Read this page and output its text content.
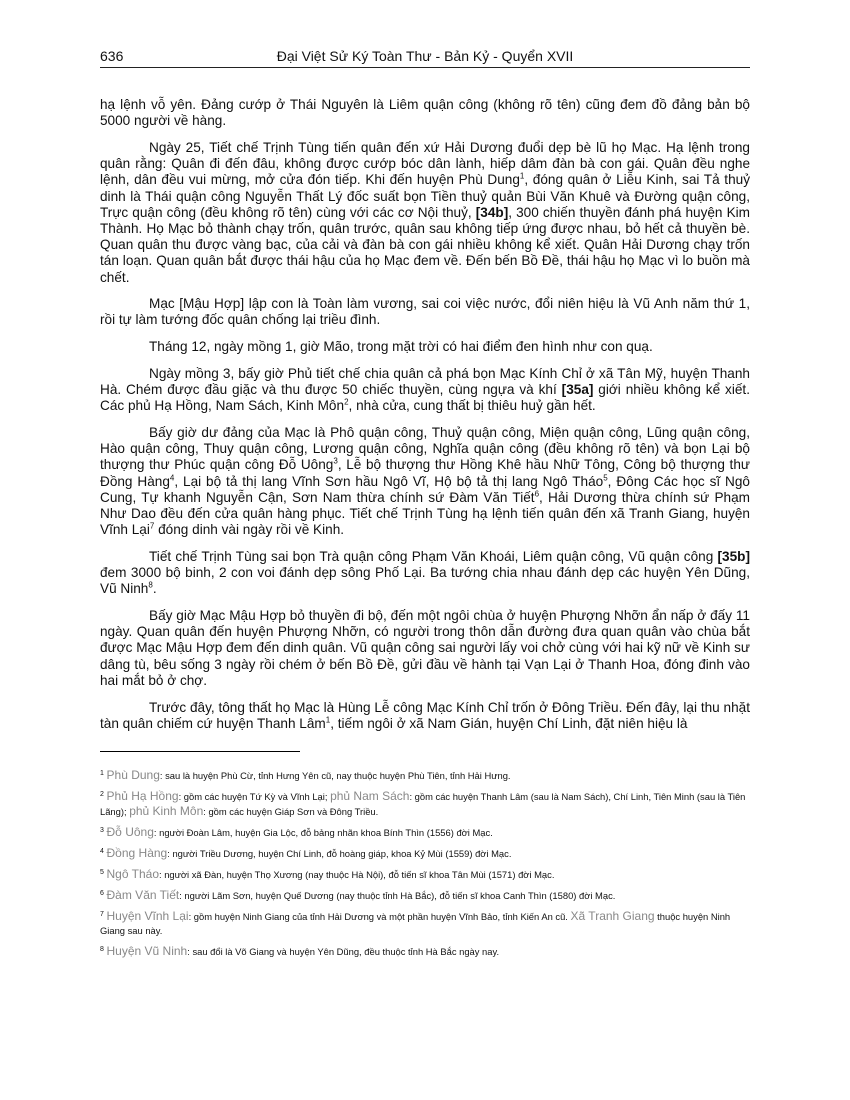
636	Đại Việt Sử Ký Toàn Thư - Bản Kỷ - Quyển XVII

hạ lệnh vỗ yên. Đảng cướp ở Thái Nguyên là Liêm quận công (không rõ tên) cũng đem đồ đảng bản bộ 5000 người về hàng.

Ngày 25, Tiết chế Trịnh Tùng tiến quân đến xứ Hải Dương đuổi dẹp bè lũ họ Mạc. Hạ lệnh trong quân rằng: Quân đi đến đâu, không được cướp bóc dân lành, hiếp dâm đàn bà con gái. Quân đều nghe lệnh, dân đều vui mừng, mở cửa đón tiếp. Khi đến huyện Phù Dung$^1$, đóng quân ở Liễu Kinh, sai Tả thuỷ dinh là Thái quận công Nguyễn Thất Lý đốc suất bọn Tiền thuỷ quản Bùi Văn Khuê và Đường quận công, Trực quận công (đều không rõ tên) cùng với các cơ Nội thuỷ, [34b], 300 chiến thuyền đánh phá huyện Kim Thành. Họ Mạc bỏ thành chạy trốn, quân trước, quân sau không tiếp ứng được nhau, bỏ hết cả thuyền bè. Quan quân thu được vàng bạc, của cải và đàn bà con gái nhiều không kể xiết. Quân Hải Dương chạy trốn tán loạn. Quan quân bắt được thái hậu của họ Mạc đem về. Đến bến Bồ Đề, thái hậu họ Mạc vì lo buồn mà chết.

Mạc [Mậu Hợp] lập con là Toàn làm vương, sai coi việc nước, đổi niên hiệu là Vũ Anh năm thứ 1, rồi tự làm tướng đốc quân chống lại triều đình.

Tháng 12, ngày mồng 1, giờ Mão, trong mặt trời có hai điểm đen hình như con quạ.

Ngày mồng 3, bấy giờ Phủ tiết chế chia quân cả phá bọn Mạc Kính Chỉ ở xã Tân Mỹ, huyện Thanh Hà. Chém được đầu giặc và thu được 50 chiếc thuyền, cùng ngựa và khí [35a] giới nhiều không kể xiết. Các phủ Hạ Hồng, Nam Sách, Kinh Môn$^2$, nhà cửa, cung thất bị thiêu huỷ gần hết.

Bấy giờ dư đảng của Mạc là Phô quận công, Thuỷ quận công, Miện quận công, Lũng quận công, Hào quận công, Thuy quận công, Lương quận công, Nghĩa quận công (đều không rõ tên) và bọn Lại bộ thượng thư Phúc quận công Đỗ Uông$^3$, Lễ bộ thượng thư Hồng Khê hầu Nhữ Tông, Công bộ thượng thư Đồng Hàng$^4$, Lại bộ tả thị lang Vĩnh Sơn hầu Ngô Vĩ, Hộ bộ tả thị lang Ngô Tháo$^5$, Đông Các học sĩ Ngô Cung, Tự khanh Nguyễn Cận, Sơn Nam thừa chính sứ Đàm Văn Tiết$^6$, Hải Dương thừa chính sứ Phạm Như Dao đều đến cửa quân hàng phục. Tiết chế Trịnh Tùng hạ lệnh tiến quân đến xã Tranh Giang, huyện Vĩnh Lại$^7$ đóng dinh vài ngày rồi về Kinh.

Tiết chế Trịnh Tùng sai bọn Trà quận công Phạm Văn Khoái, Liêm quận công, Vũ quận công [35b] đem 3000 bộ binh, 2 con voi đánh dẹp sông Phố Lại. Ba tướng chia nhau đánh dẹp các huyện Yên Dũng, Vũ Ninh$^8$.

Bấy giờ Mạc Mậu Hợp bỏ thuyền đi bộ, đến một ngôi chùa ở huyện Phượng Nhỡn ẩn nấp ở đấy 11 ngày. Quan quân đến huyện Phượng Nhỡn, có người trong thôn dẫn đường đưa quan quân vào chùa bắt được Mạc Mậu Hợp đem đến dinh quân. Vũ quận công sai người lấy voi chở cùng với hai kỹ nữ về Kinh sư dâng tù, bêu sống 3 ngày rồi chém ở bến Bồ Đề, gửi đầu về hành tại Vạn Lại ở Thanh Hoa, đóng đinh vào hai mắt bỏ ở chợ.

Trước đây, tông thất họ Mạc là Hùng Lễ công Mạc Kính Chỉ trốn ở Đông Triều. Đến đây, lại thu nhặt tàn quân chiếm cứ huyện Thanh Lâm$^1$, tiếm ngôi ở xã Nam Gián, huyện Chí Linh, đặt niên hiệu là

$^1$ Phù Dung: sau là huyện Phù Cừ, tỉnh Hưng Yên cũ, nay thuộc huyện Phù Tiên, tỉnh Hải Hưng.
$^2$ Phủ Hạ Hồng: gồm các huyện Tứ Kỳ và Vĩnh Lại; phủ Nam Sách: gồm các huyện Thanh Lâm (sau là Nam Sách), Chí Linh, Tiên Minh (sau là Tiên Lãng); phủ Kinh Môn: gồm các huyện Giáp Sơn và Đông Triều.
$^3$ Đỗ Uông: người Đoàn Lâm, huyện Gia Lộc, đỗ bảng nhãn khoa Bính Thìn (1556) đời Mạc.
$^4$ Đồng Hàng: người Triều Dương, huyện Chí Linh, đỗ hoàng giáp, khoa Kỷ Mùi (1559) đời Mạc.
$^5$ Ngô Tháo: người xã Đàn, huyện Thọ Xương (nay thuộc Hà Nội), đỗ tiến sĩ khoa Tân Mùi (1571) đời Mạc.
$^6$ Đàm Văn Tiết: người Lãm Sơn, huyện Quế Dương (nay thuộc tỉnh Hà Bắc), đỗ tiến sĩ khoa Canh Thìn (1580) đời Mạc.
$^7$ Huyện Vĩnh Lại: gồm huyện Ninh Giang của tỉnh Hải Dương và một phần huyện Vĩnh Bảo, tỉnh Kiến An cũ. Xã Tranh Giang thuộc huyện Ninh Giang sau này.
$^8$ Huyện Vũ Ninh: sau đổi là Võ Giang và huyện Yên Dũng, đều thuộc tỉnh Hà Bắc ngày nay.
